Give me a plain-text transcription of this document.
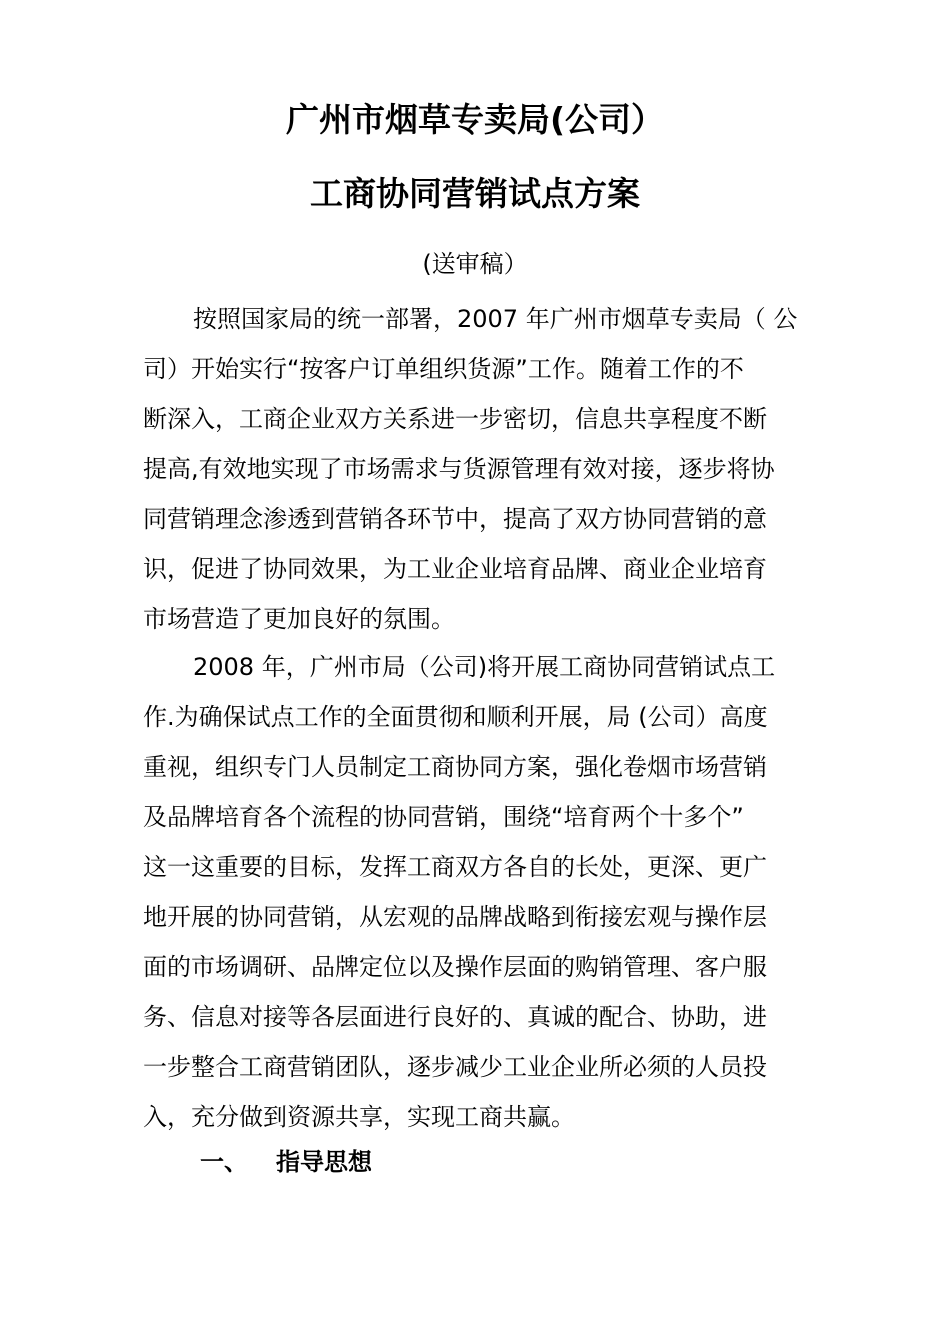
广州市烟草专卖局(公司）
工商协同营销试点方案
(送审稿）
按照国家局的统一部署，2007 年广州市烟草专卖局（ 公
司）开始实行“按客户订单组织货源”工作。随着工作的不
断深入，工商企业双方关系进一步密切，信息共享程度不断
提高,有效地实现了市场需求与货源管理有效对接，逐步将协
同营销理念渗透到营销各环节中，提高了双方协同营销的意
识，促进了协同效果，为工业企业培育品牌、商业企业培育
市场营造了更加良好的氛围。
2008 年，广州市局（公司)将开展工商协同营销试点工
作.为确保试点工作的全面贯彻和顺利开展，局 (公司）高度
重视，组织专门人员制定工商协同方案，强化卷烟市场营销
及品牌培育各个流程的协同营销，围绕“培育两个十多个”
这一这重要的目标，发挥工商双方各自的长处，更深、更广
地开展的协同营销，从宏观的品牌战略到衔接宏观与操作层
面的市场调研、品牌定位以及操作层面的购销管理、客户服
务、信息对接等各层面进行良好的、真诚的配合、协助，进
一步整合工商营销团队，逐步减少工业企业所必须的人员投
入，充分做到资源共享，实现工商共赢。
一、 指导思想
